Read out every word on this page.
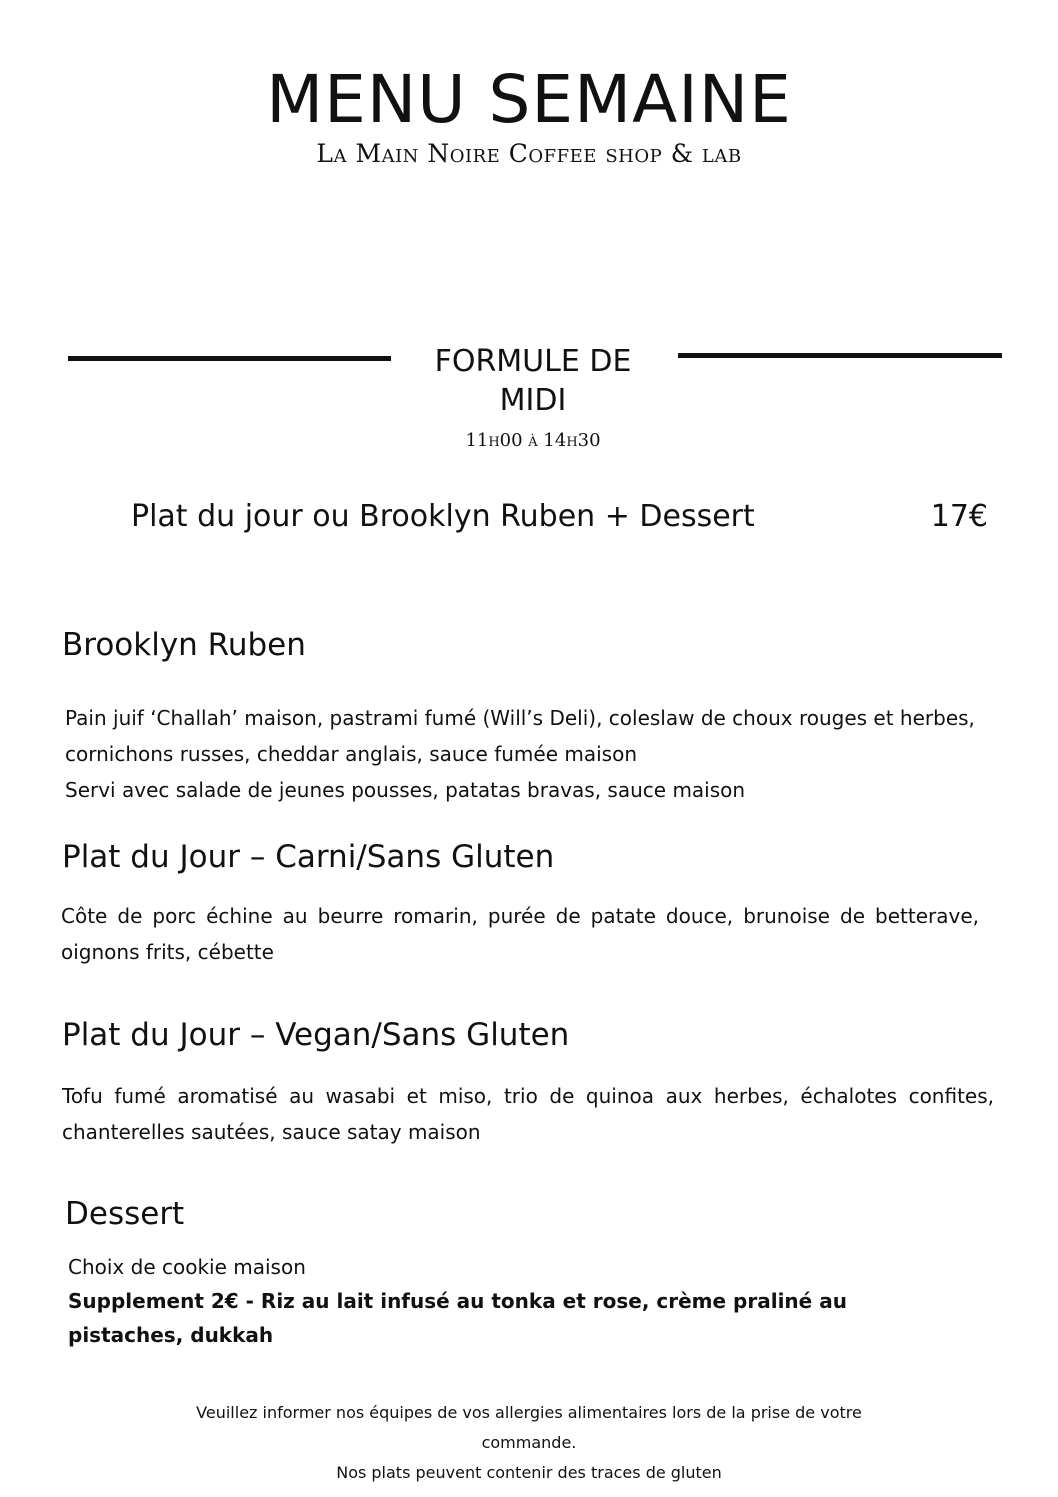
MENU SEMAINE
La Main Noire Coffee shop & lab
FORMULE DE
MIDI
11h00 à 14h30
Plat du jour ou Brooklyn Ruben + Dessert	17€
Brooklyn Ruben
Pain juif ‘Challah’ maison, pastrami fumé (Will’s Deli), coleslaw de choux rouges et herbes,
cornichons russes, cheddar anglais, sauce fumée maison
Servi avec salade de jeunes pousses, patatas bravas, sauce maison
Plat du Jour – Carni/Sans Gluten
Côte de porc échine au beurre romarin, purée de patate douce, brunoise de betterave, oignons frits, cébette
Plat du Jour – Vegan/Sans Gluten
Tofu fumé aromatisé au wasabi et miso, trio de quinoa aux herbes, échalotes confites, chanterelles sautées, sauce satay maison
Dessert
Choix de cookie maison
Supplement 2€ - Riz au lait infusé au tonka et rose, crème praliné au pistaches, dukkah
Veuillez informer nos équipes de vos allergies alimentaires lors de la prise de votre
commande.
Nos plats peuvent contenir des traces de gluten
